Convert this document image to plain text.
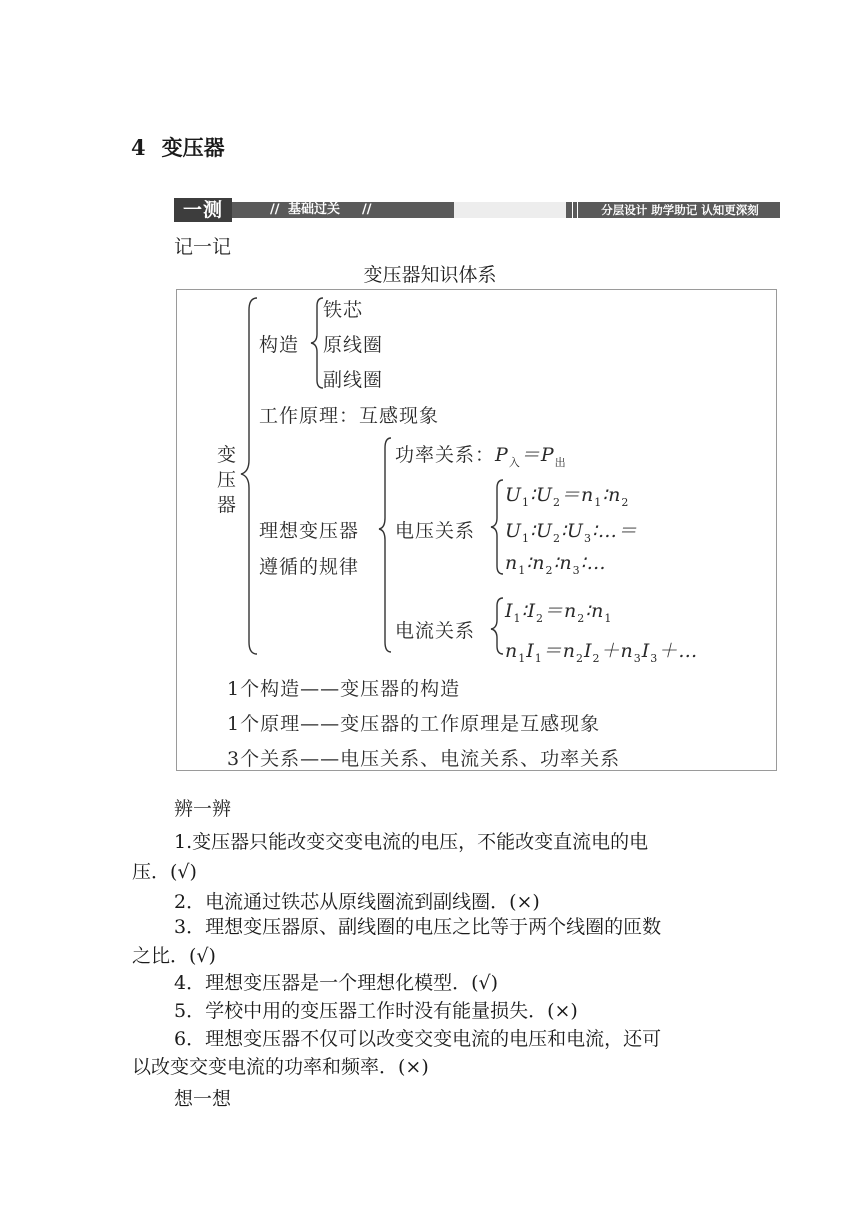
4 变压器
一测	// 基础过关 //	分层设计 助学助记 认知更深刻
记一记
变压器知识体系
变
压
器
构造
铁芯
原线圈
副线圈
工作原理：互感现象
理想变压器
遵循的规律
功率关系：$P_入=P_出$
电压关系
$U_1∶U_2=n_1∶n_2$
$U_1∶U_2∶U_3∶\dots=$
$n_1∶n_2∶n_3∶\dots$
电流关系
$I_1∶I_2=n_2∶n_1$
$n_1I_1=n_2I_2+n_3I_3+\dots$
1个构造——变压器的构造
1个原理——变压器的工作原理是互感现象
3个关系——电压关系、电流关系、功率关系
辨一辨
1.变压器只能改变交变电流的电压，不能改变直流电的电
压．(√)
2．电流通过铁芯从原线圈流到副线圈．(×)
3．理想变压器原、副线圈的电压之比等于两个线圈的匝数
之比．(√)
4．理想变压器是一个理想化模型．(√)
5．学校中用的变压器工作时没有能量损失．(×)
6．理想变压器不仅可以改变交变电流的电压和电流，还可
以改变交变电流的功率和频率．(×)
想一想
